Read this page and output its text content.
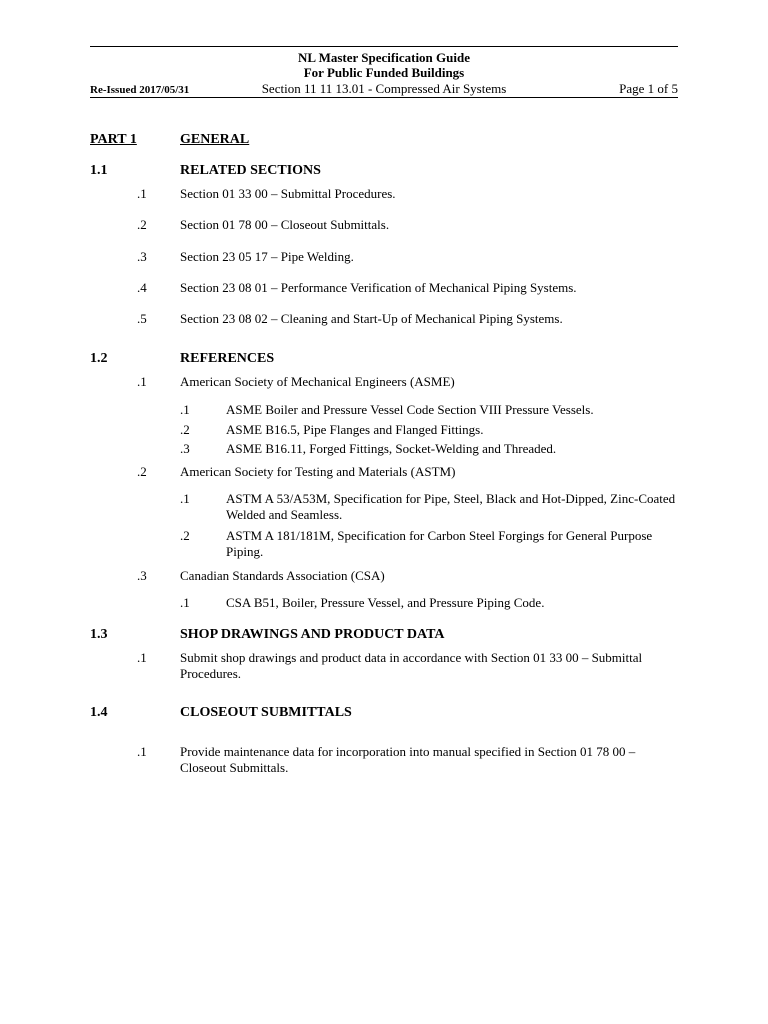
NL Master Specification Guide
For Public Funded Buildings
Re-Issued 2017/05/31	Section 11 11 13.01 - Compressed Air Systems	Page 1 of 5
PART 1	GENERAL
1.1	RELATED SECTIONS
.1	Section 01 33 00 – Submittal Procedures.
.2	Section 01 78 00 – Closeout Submittals.
.3	Section 23 05 17 – Pipe Welding.
.4	Section 23 08 01 – Performance Verification of Mechanical Piping Systems.
.5	Section 23 08 02 – Cleaning and Start-Up of Mechanical Piping Systems.
1.2	REFERENCES
.1	American Society of Mechanical Engineers (ASME)
.1	ASME Boiler and Pressure Vessel Code Section VIII Pressure Vessels.
.2	ASME B16.5, Pipe Flanges and Flanged Fittings.
.3	ASME B16.11, Forged Fittings, Socket-Welding and Threaded.
.2	American Society for Testing and Materials (ASTM)
.1	ASTM A 53/A53M, Specification for Pipe, Steel, Black and Hot-Dipped, Zinc-Coated Welded and Seamless.
.2	ASTM A 181/181M, Specification for Carbon Steel Forgings for General Purpose Piping.
.3	Canadian Standards Association (CSA)
.1	CSA B51, Boiler, Pressure Vessel, and Pressure Piping Code.
1.3	SHOP DRAWINGS AND PRODUCT DATA
.1	Submit shop drawings and product data in accordance with Section 01 33 00 – Submittal Procedures.
1.4	CLOSEOUT SUBMITTALS
.1	Provide maintenance data for incorporation into manual specified in Section 01 78 00 – Closeout Submittals.
